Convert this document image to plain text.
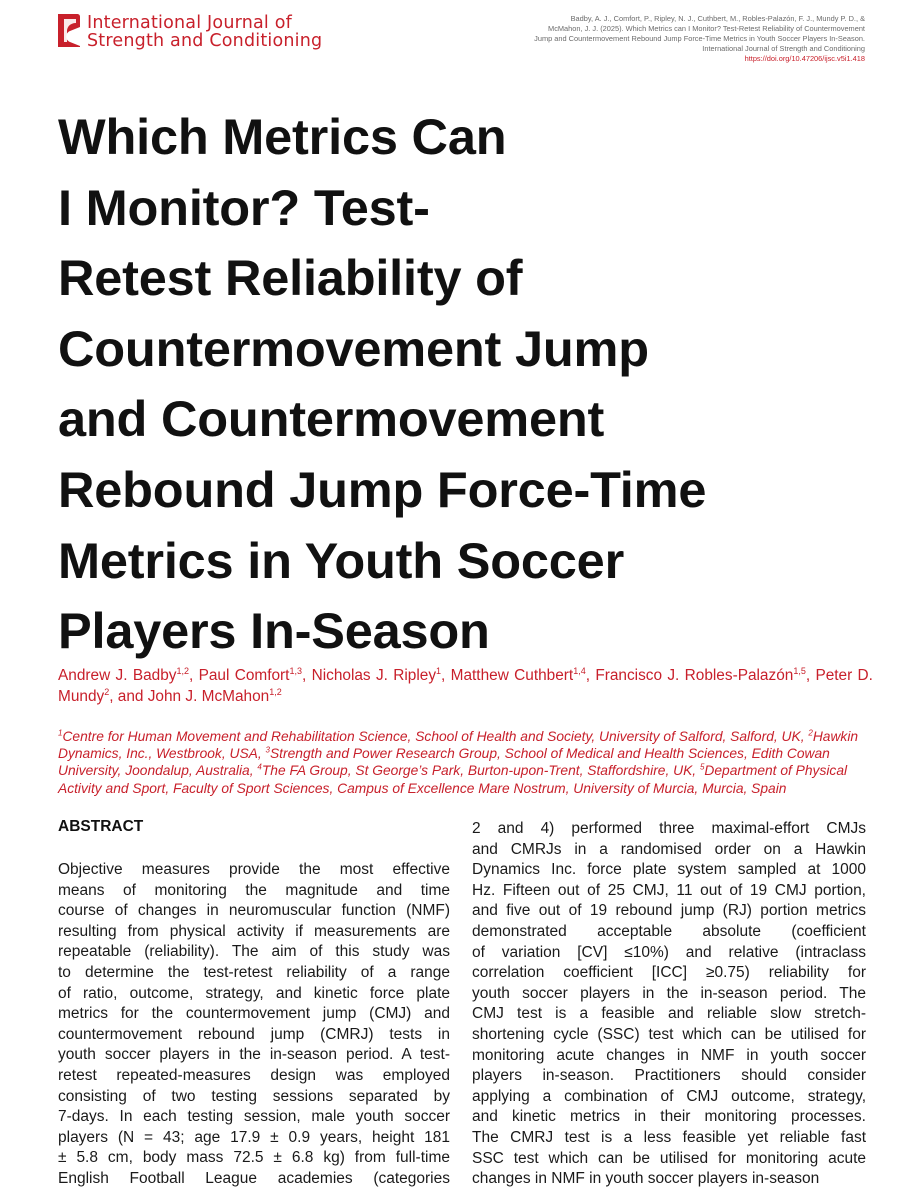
International Journal of
Strength and Conditioning
Badby, A. J., Comfort, P., Ripley, N. J., Cuthbert, M., Robles-Palazón, F. J., Mundy P. D., &
McMahon, J. J. (2025). Which Metrics can I Monitor? Test-Retest Reliability of Countermovement
Jump and Countermovement Rebound Jump Force-Time Metrics in Youth Soccer Players In-Season.
International Journal of Strength and Conditioning
https://doi.org/10.47206/ijsc.v5i1.418
Which Metrics Can
I Monitor? Test-
Retest Reliability of
Countermovement Jump
and Countermovement
Rebound Jump Force-Time
Metrics in Youth Soccer
Players In-Season
Andrew J. Badby$^{1,2}$, Paul Comfort$^{1,3}$, Nicholas J. Ripley$^1$, Matthew Cuthbert$^{1,4}$, Francisco J. Robles-Palazón$^{1,5}$, Peter D. Mundy$^2$, and John J. McMahon$^{1,2}$
$^1$Centre for Human Movement and Rehabilitation Science, School of Health and Society, University of Salford, Salford, UK, $^2$Hawkin Dynamics, Inc., Westbrook, USA, $^3$Strength and Power Research Group, School of Medical and Health Sciences, Edith Cowan University, Joondalup, Australia, $^4$The FA Group, St George’s Park, Burton-upon-Trent, Staffordshire, UK, $^5$Department of Physical Activity and Sport, Faculty of Sport Sciences, Campus of Excellence Mare Nostrum, University of Murcia, Murcia, Spain
ABSTRACT
Objective measures provide the most effective
means of monitoring the magnitude and time
course of changes in neuromuscular function (NMF)
resulting from physical activity if measurements are
repeatable (reliability). The aim of this study was
to determine the test-retest reliability of a range
of ratio, outcome, strategy, and kinetic force plate
metrics for the countermovement jump (CMJ) and
countermovement rebound jump (CMRJ) tests in
youth soccer players in the in-season period. A test-
retest repeated-measures design was employed
consisting of two testing sessions separated by
7-days. In each testing session, male youth soccer
players (N = 43; age 17.9 ± 0.9 years, height 181
± 5.8 cm, body mass 72.5 ± 6.8 kg) from full-time
English Football League academies (categories
2 and 4) performed three maximal-effort CMJs
and CMRJs in a randomised order on a Hawkin
Dynamics Inc. force plate system sampled at 1000
Hz. Fifteen out of 25 CMJ, 11 out of 19 CMJ portion,
and five out of 19 rebound jump (RJ) portion metrics
demonstrated acceptable absolute (coefficient
of variation [CV] ≤10%) and relative (intraclass
correlation coefficient [ICC] ≥0.75) reliability for
youth soccer players in the in-season period. The
CMJ test is a feasible and reliable slow stretch-
shortening cycle (SSC) test which can be utilised for
monitoring acute changes in NMF in youth soccer
players in-season. Practitioners should consider
applying a combination of CMJ outcome, strategy,
and kinetic metrics in their monitoring processes.
The CMRJ test is a less feasible yet reliable fast
SSC test which can be utilised for monitoring acute
changes in NMF in youth soccer players in-season
